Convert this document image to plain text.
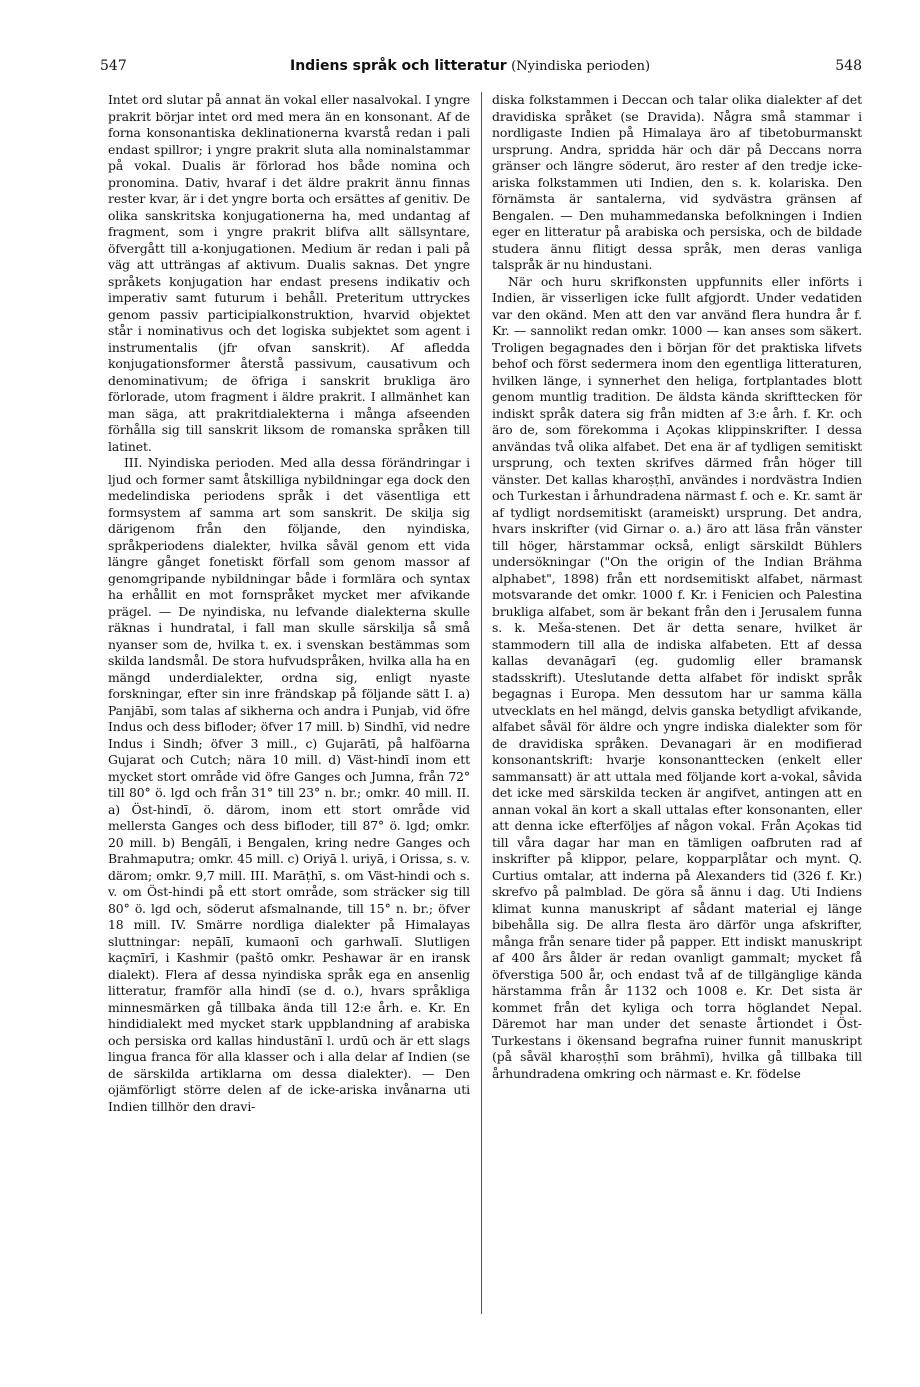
547	Indiens språk och litteratur (Nyindiska perioden)	548

Intet ord slutar på annat än vokal eller nasalvokal. I yngre prakrit börjar intet ord med mera än en konsonant. Af de forna konsonantiska deklinationerna kvarstå redan i pali endast spillror; i yngre prakrit sluta alla nominalstammar på vokal. Dualis är förlorad hos både nomina och pronomina. Dativ, hvaraf i det äldre prakrit ännu finnas rester kvar, är i det yngre borta och ersättes af genitiv. De olika sanskritska konjugationerna ha, med undantag af fragment, som i yngre prakrit blifva allt sällsyntare, öfvergått till a-konjugationen. Medium är redan i pali på väg att utträngas af aktivum. Dualis saknas. Det yngre språkets konjugation har endast presens indikativ och imperativ samt futurum i behåll. Preteritum uttryckes genom passiv participialkonstruktion, hvarvid objektet står i nominativus och det logiska subjektet som agent i instrumentalis (jfr ofvan sanskrit). Af afledda konjugationsformer återstå passivum, causativum och denominativum; de öfriga i sanskrit brukliga äro förlorade, utom fragment i äldre prakrit. I allmänhet kan man säga, att prakritdialekterna i många afseenden förhålla sig till sanskrit liksom de romanska språken till latinet.

III. Nyindiska perioden. Med alla dessa förändringar i ljud och former samt åtskilliga nybildningar ega dock den medelindiska periodens språk i det väsentliga ett formsystem af samma art som sanskrit. De skilja sig därigenom från den följande, den nyindiska, språkperiodens dialekter, hvilka såväl genom ett vida längre gånget fonetiskt förfall som genom massor af genomgripande nybildningar både i formlära och syntax ha erhållit en mot fornspråket mycket mer afvikande prägel. — De nyindiska, nu lefvande dialekterna skulle räknas i hundratal, i fall man skulle särskilja så små nyanser som de, hvilka t. ex. i svenskan bestämmas som skilda landsmål. De stora hufvudspråken, hvilka alla ha en mängd underdialekter, ordna sig, enligt nyaste forskningar, efter sin inre frändskap på följande sätt I. a) Panjābī, som talas af sikherna och andra i Punjab, vid öfre Indus och dess bifloder; öfver 17 mill. b) Sindhī, vid nedre Indus i Sindh; öfver 3 mill., c) Gujarātī, på halföarna Gujarat och Cutch; nära 10 mill. d) Väst-hindī inom ett mycket stort område vid öfre Ganges och Jumna, från 72° till 80° ö. lgd och från 31° till 23° n. br.; omkr. 40 mill. II. a) Öst-hindī, ö. därom, inom ett stort område vid mellersta Ganges och dess bifloder, till 87° ö. lgd; omkr. 20 mill. b) Bengālī, i Bengalen, kring nedre Ganges och Brahmaputra; omkr. 45 mill. c) Oriyā l. uriyā, i Orissa, s. v. därom; omkr. 9,7 mill. III. Marāṭhī, s. om Väst-hindi och s. v. om Öst-hindi på ett stort område, som sträcker sig till 80° ö. lgd och, söderut afsmalnande, till 15° n. br.; öfver 18 mill. IV. Smärre nordliga dialekter på Himalayas sluttningar: nepālī, kumaonī och garhwalī. Slutligen kaçmīrī, i Kashmir (paštō omkr. Peshawar är en iransk dialekt). Flera af dessa nyindiska språk ega en ansenlig litteratur, framför alla hindī (se d. o.), hvars språkliga minnesmärken gå tillbaka ända till 12:e årh. e. Kr. En hindidialekt med mycket stark uppblandning af arabiska och persiska ord kallas hindustānī l. urdū och är ett slags lingua franca för alla klasser och i alla delar af Indien (se de särskilda artiklarna om dessa dialekter). — Den ojämförligt större delen af de icke-ariska invånarna uti Indien tillhör den dravi-

diska folkstammen i Deccan och talar olika dialekter af det dravidiska språket (se Dravida). Några små stammar i nordligaste Indien på Himalaya äro af tibetoburmanskt ursprung. Andra, spridda här och där på Deccans norra gränser och längre söderut, äro rester af den tredje icke-ariska folkstammen uti Indien, den s. k. kolariska. Den förnämsta är santalerna, vid sydvästra gränsen af Bengalen. — Den muhammedanska befolkningen i Indien eger en litteratur på arabiska och persiska, och de bildade studera ännu flitigt dessa språk, men deras vanliga talspråk är nu hindustani.

När och huru skrifkonsten uppfunnits eller införts i Indien, är visserligen icke fullt afgjordt. Under vedatiden var den okänd. Men att den var använd flera hundra år f. Kr. — sannolikt redan omkr. 1000 — kan anses som säkert. Troligen begagnades den i början för det praktiska lifvets behof och först sedermera inom den egentliga litteraturen, hvilken länge, i synnerhet den heliga, fortplantades blott genom muntlig tradition. De äldsta kända skrifttecken för indiskt språk datera sig från midten af 3:e årh. f. Kr. och äro de, som förekomma i Açokas klippinskrifter. I dessa användas två olika alfabet. Det ena är af tydligen semitiskt ursprung, och texten skrifves därmed från höger till vänster. Det kallas kharoṣṭhī, användes i nordvästra Indien och Turkestan i århundradena närmast f. och e. Kr. samt är af tydligt nordsemitiskt (arameiskt) ursprung. Det andra, hvars inskrifter (vid Girnar o. a.) äro att läsa från vänster till höger, härstammar också, enligt särskildt Bühlers undersökningar ("On the origin of the Indian Brähma alphabet", 1898) från ett nordsemitiskt alfabet, närmast motsvarande det omkr. 1000 f. Kr. i Fenicien och Palestina brukliga alfabet, som är bekant från den i Jerusalem funna s. k. Meša-stenen. Det är detta senare, hvilket är stammodern till alla de indiska alfabeten. Ett af dessa kallas devanāgarī (eg. gudomlig eller bramansk stadsskrift). Uteslutande detta alfabet för indiskt språk begagnas i Europa. Men dessutom har ur samma källa utvecklats en hel mängd, delvis ganska betydligt afvikande, alfabet såväl för äldre och yngre indiska dialekter som för de dravidiska språken. Devanagari är en modifierad konsonantskrift: hvarje konsonanttecken (enkelt eller sammansatt) är att uttala med följande kort a-vokal, såvida det icke med särskilda tecken är angifvet, antingen att en annan vokal än kort a skall uttalas efter konsonanten, eller att denna icke efterföljes af någon vokal. Från Açokas tid till våra dagar har man en tämligen oafbruten rad af inskrifter på klippor, pelare, kopparplåtar och mynt. Q. Curtius omtalar, att inderna på Alexanders tid (326 f. Kr.) skrefvo på palmblad. De göra så ännu i dag. Uti Indiens klimat kunna manuskript af sådant material ej länge bibehålla sig. De allra flesta äro därför unga afskrifter, många från senare tider på papper. Ett indiskt manuskript af 400 års ålder är redan ovanligt gammalt; mycket få öfverstiga 500 år, och endast två af de tillgänglige kända härstamma från år 1132 och 1008 e. Kr. Det sista är kommet från det kyliga och torra höglandet Nepal. Däremot har man under det senaste årtiondet i Öst-Turkestans i ökensand begrafna ruiner funnit manuskript (på såväl kharoṣṭhī som brāhmī), hvilka gå tillbaka till århundradena omkring och närmast e. Kr. födelse
